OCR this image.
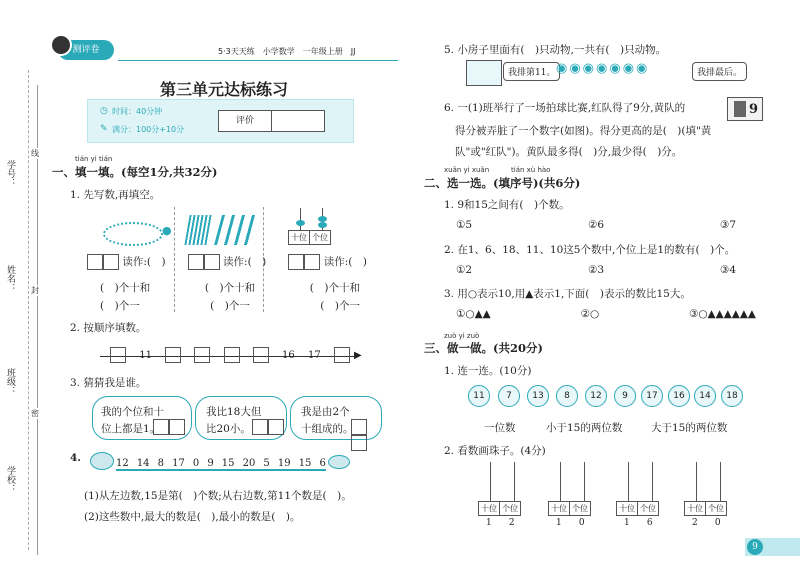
学号：
姓名：
班级：
学校：
线
封
密
测评卷	5·3天天练　小学数学　一年级上册　JJ
第三单元达标练习
◷ 时间：40分钟
✎ 满分：100分+10分
评价
tián yi tián
一、填一填。(每空1分,共32分)
1. 先写数,再填空。
●
十位 个位
读作:(　)	读作:(　)	读作:(　)
(　)个十和	(　)个十和	(　)个十和
(　)个一	(　)个一	(　)个一
2. 按顺序填数。
▶
11	16 17
3. 猜猜我是谁。
我的个位和十
位上都是1。
我比18大但
比20小。
我是由2个
十组成的。
4.	12 14 8 17 0 9 15 20 5 19 15 6
(1)从左边数,15是第(　)个数;从右边数,第11个数是(　)。
(2)这些数中,最大的数是(　),最小的数是(　)。
5. 小房子里面有(　)只动物,一共有(　)只动物。
我排第11。 ◉◉◉◉◉◉◉	我排最后。
6. 一(1)班举行了一场拍球比赛,红队得了9分,黄队的
得分被弄脏了一个数字(如图)。得分更高的是(　)(填"黄
队"或"红队")。黄队最多得(　)分,最少得(　)分。
9
xuǎn yi xuǎn	tián xù hào
二、选一选。(填序号)(共6分)
1. 9和15之间有(　)个数。
①5	②6	③7
2. 在1、6、18、11、10这5个数中,个位上是1的数有(　)个。
①2	②3	③4
3. 用○表示10,用▲表示1,下面(　)表示的数比15大。
①○▲▲	②○	③○▲▲▲▲▲▲
zuò yi zuò
三、做一做。(共20分)
1. 连一连。(10分)
11	7	13	8	12	9	17	16	14	18
一位数	小于15的两位数	大于15的两位数
2. 看数画珠子。(4分)
十位 个位
1 2
十位 个位
1 0
十位 个位
1 6
十位 个位
2 0
9
